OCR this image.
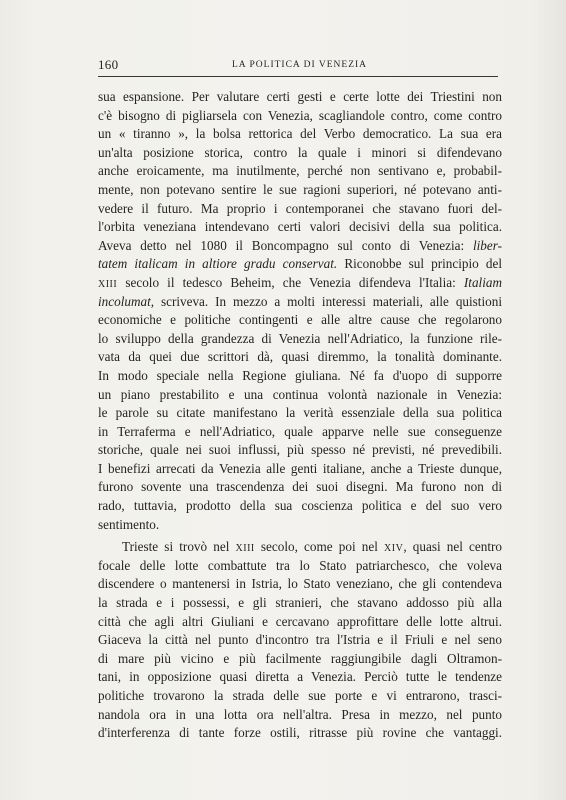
160	LA POLITICA DI VENEZIA
sua espansione. Per valutare certi gesti e certe lotte dei Triestini non
c'è bisogno di pigliarsela con Venezia, scagliandole contro, come contro
un « tiranno », la bolsa rettorica del Verbo democratico. La sua era
un'alta posizione storica, contro la quale i minori si difendevano
anche eroicamente, ma inutilmente, perché non sentivano e, probabil-
mente, non potevano sentire le sue ragioni superiori, né potevano anti-
vedere il futuro. Ma proprio i contemporanei che stavano fuori del-
l'orbita veneziana intendevano certi valori decisivi della sua politica.
Aveva detto nel 1080 il Boncompagno sul conto di Venezia: liber-
tatem italicam in altiore gradu conservat. Riconobbe sul principio del
XIII secolo il tedesco Beheim, che Venezia difendeva l'Italia: Italiam
incolumat, scriveva. In mezzo a molti interessi materiali, alle quistioni
economiche e politiche contingenti e alle altre cause che regolarono
lo sviluppo della grandezza di Venezia nell'Adriatico, la funzione rile-
vata da quei due scrittori dà, quasi diremmo, la tonalità dominante.
In modo speciale nella Regione giuliana. Né fa d'uopo di supporre
un piano prestabilito e una continua volontà nazionale in Venezia:
le parole su citate manifestano la verità essenziale della sua politica
in Terraferma e nell'Adriatico, quale apparve nelle sue conseguenze
storiche, quale nei suoi influssi, più spesso né previsti, né prevedibili.
I benefizi arrecati da Venezia alle genti italiane, anche a Trieste dunque,
furono sovente una trascendenza dei suoi disegni. Ma furono non di
rado, tuttavia, prodotto della sua coscienza politica e del suo vero
sentimento.
Trieste si trovò nel XIII secolo, come poi nel XIV, quasi nel centro
focale delle lotte combattute tra lo Stato patriarchesco, che voleva
discendere o mantenersi in Istria, lo Stato veneziano, che gli contendeva
la strada e i possessi, e gli stranieri, che stavano addosso più alla
città che agli altri Giuliani e cercavano approfittare delle lotte altrui.
Giaceva la città nel punto d'incontro tra l'Istria e il Friuli e nel seno
di mare più vicino e più facilmente raggiungibile dagli Oltramon-
tani, in opposizione quasi diretta a Venezia. Perciò tutte le tendenze
politiche trovarono la strada delle sue porte e vi entrarono, trasci-
nandola ora in una lotta ora nell'altra. Presa in mezzo, nel punto
d'interferenza di tante forze ostili, ritrasse più rovine che vantaggi.
